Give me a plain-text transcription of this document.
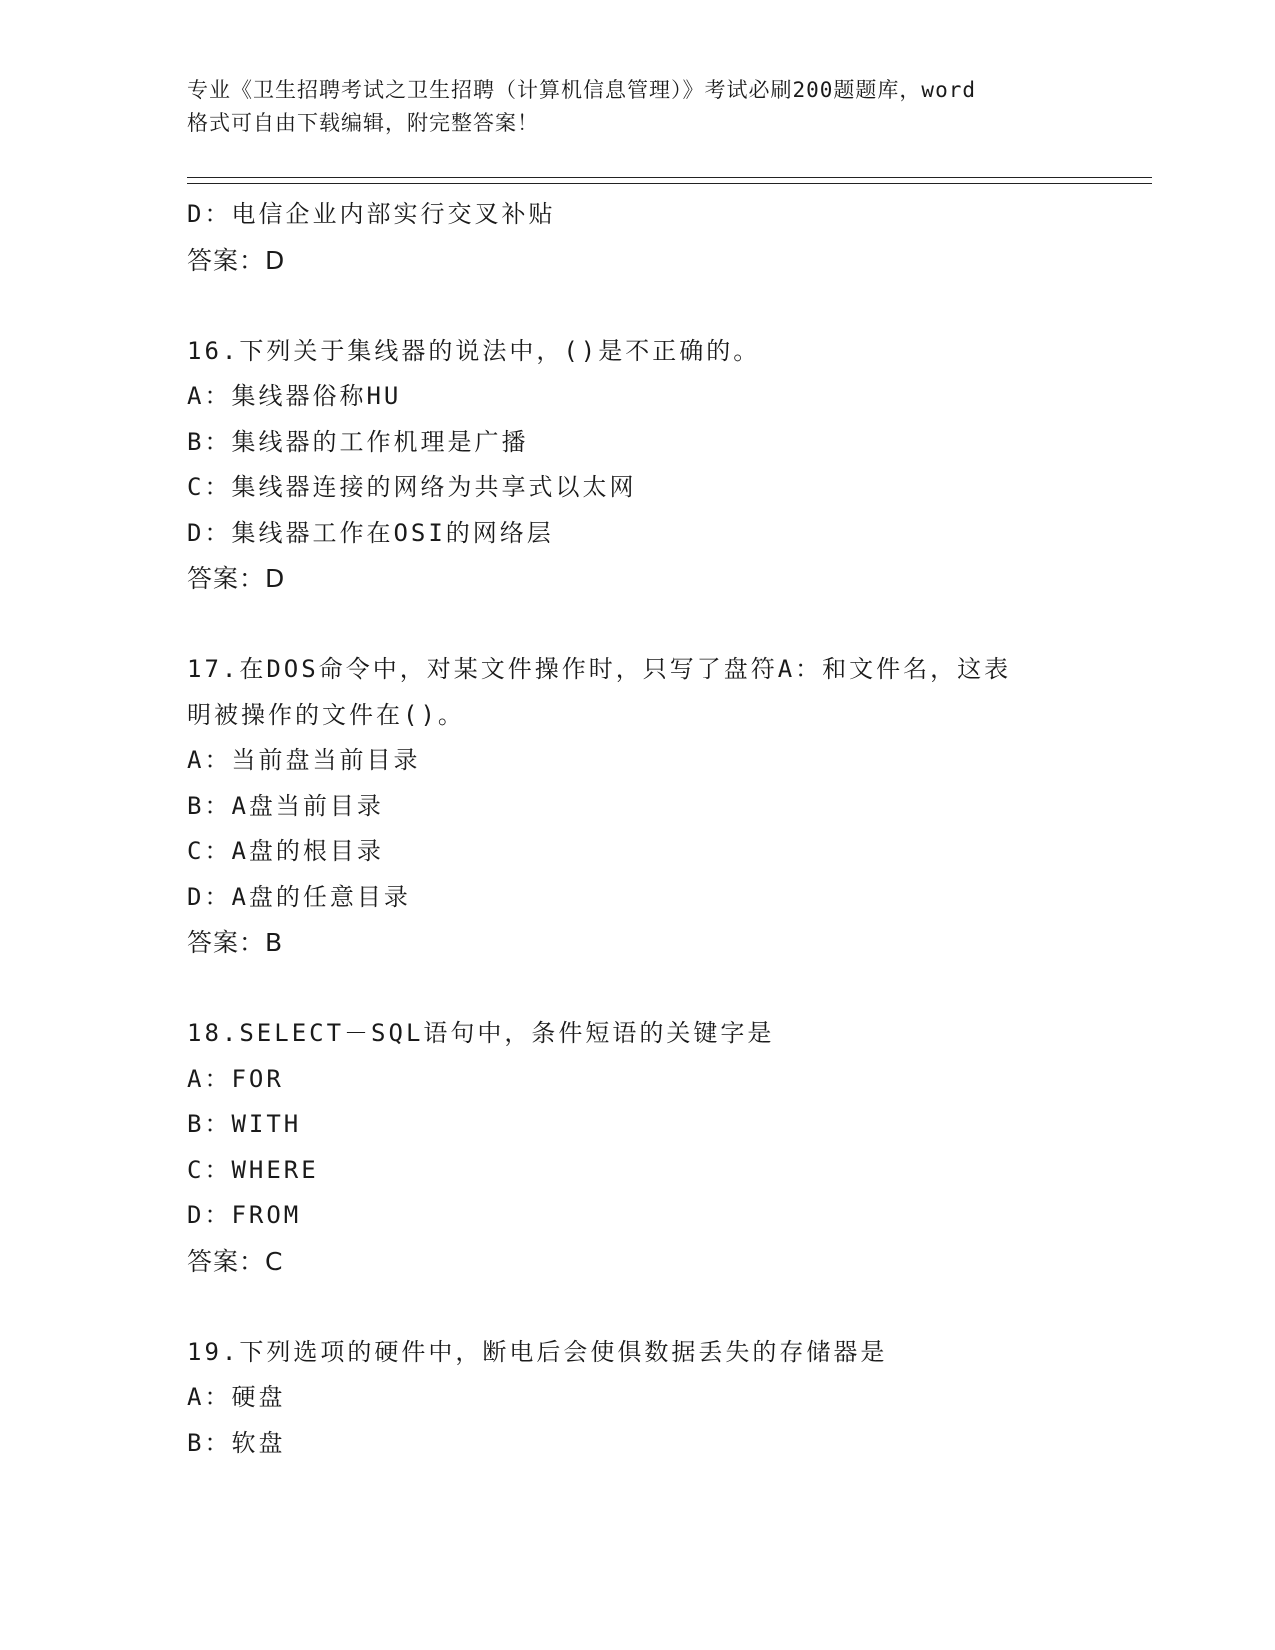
专业《卫生招聘考试之卫生招聘（计算机信息管理）》考试必刷200题题库，word
格式可自由下载编辑，附完整答案！
D：电信企业内部实行交叉补贴
答案：D
16.下列关于集线器的说法中，()是不正确的。
A：集线器俗称HU
B：集线器的工作机理是广播
C：集线器连接的网络为共享式以太网
D：集线器工作在OSI的网络层
答案：D
17.在DOS命令中，对某文件操作时，只写了盘符A：和文件名，这表
明被操作的文件在()。
A：当前盘当前目录
B：A盘当前目录
C：A盘的根目录
D：A盘的任意目录
答案：B
18.SELECT－SQL语句中，条件短语的关键字是
A：FOR
B：WITH
C：WHERE
D：FROM
答案：C
19.下列选项的硬件中，断电后会使俱数据丢失的存储器是
A：硬盘
B：软盘
